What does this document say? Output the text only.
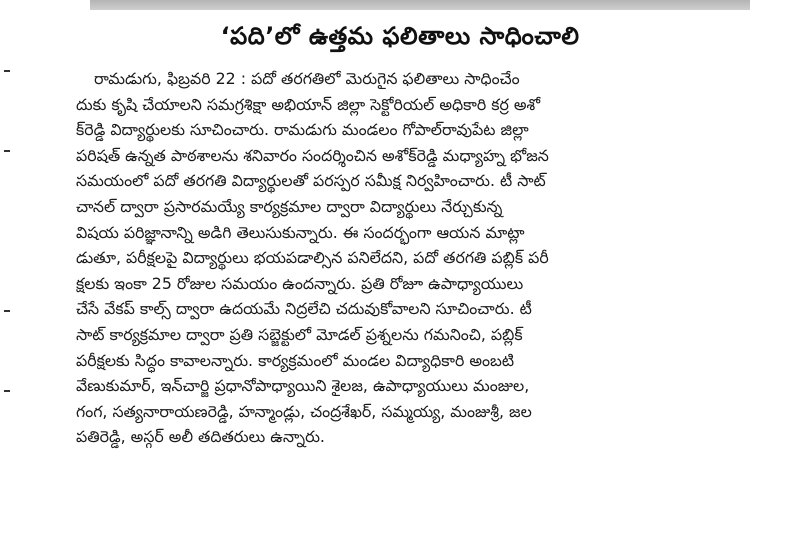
‘పది’లో ఉత్తమ ఫలితాలు సాధించాలి
రామడుగు, ఫిబ్రవరి 22 : పదో తరగతిలో మెరుగైన ఫలితాలు సాధించేం
దుకు కృషి చేయాలని సమగ్రశిక్షా అభియాన్ జిల్లా సెక్టోరియల్ అధికారి కర్ర అశో
క్‌రెడ్డి విద్యార్థులకు సూచించారు. రామడుగు మండలం గోపాల్‌రావుపేట జిల్లా
పరిషత్ ఉన్నత పాఠశాలను శనివారం సందర్శించిన అశోక్‌రెడ్డి మధ్యాహ్న భోజన
సమయంలో పదో తరగతి విద్యార్థులతో పరస్పర సమీక్ష నిర్వహించారు. టీ సాట్
చానల్ ద్వారా ప్రసారమయ్యే కార్యక్రమాల ద్వారా విద్యార్థులు నేర్చుకున్న
విషయ పరిజ్ఞానాన్ని అడిగి తెలుసుకున్నారు. ఈ సందర్భంగా ఆయన మాట్లా
డుతూ, పరీక్షలపై విద్యార్థులు భయపడాల్సిన పనిలేదని, పదో తరగతి పబ్లిక్ పరీ
క్షలకు ఇంకా 25 రోజుల సమయం ఉందన్నారు. ప్రతి రోజూ ఉపాధ్యాయులు
చేసే వేకప్ కాల్స్ ద్వారా ఉదయమే నిద్రలేచి చదువుకోవాలని సూచించారు. టీ
సాట్ కార్యక్రమాల ద్వారా ప్రతి సబ్జెక్టులో మోడల్ ప్రశ్నలను గమనించి, పబ్లిక్
పరీక్షలకు సిద్ధం కావాలన్నారు. కార్యక్రమంలో మండల విద్యాధికారి అంబటి
వేణుకుమార్, ఇన్‌చార్జి ప్రధానోపాధ్యాయిని శైలజ, ఉపాధ్యాయులు మంజుల,
గంగ, సత్యనారాయణరెడ్డి, హన్మాండ్లు, చంద్రశేఖర్, సమ్మయ్య, మంజుశ్రీ, జల
పతిరెడ్డి, అస్గర్ అలీ తదితరులు ఉన్నారు.
